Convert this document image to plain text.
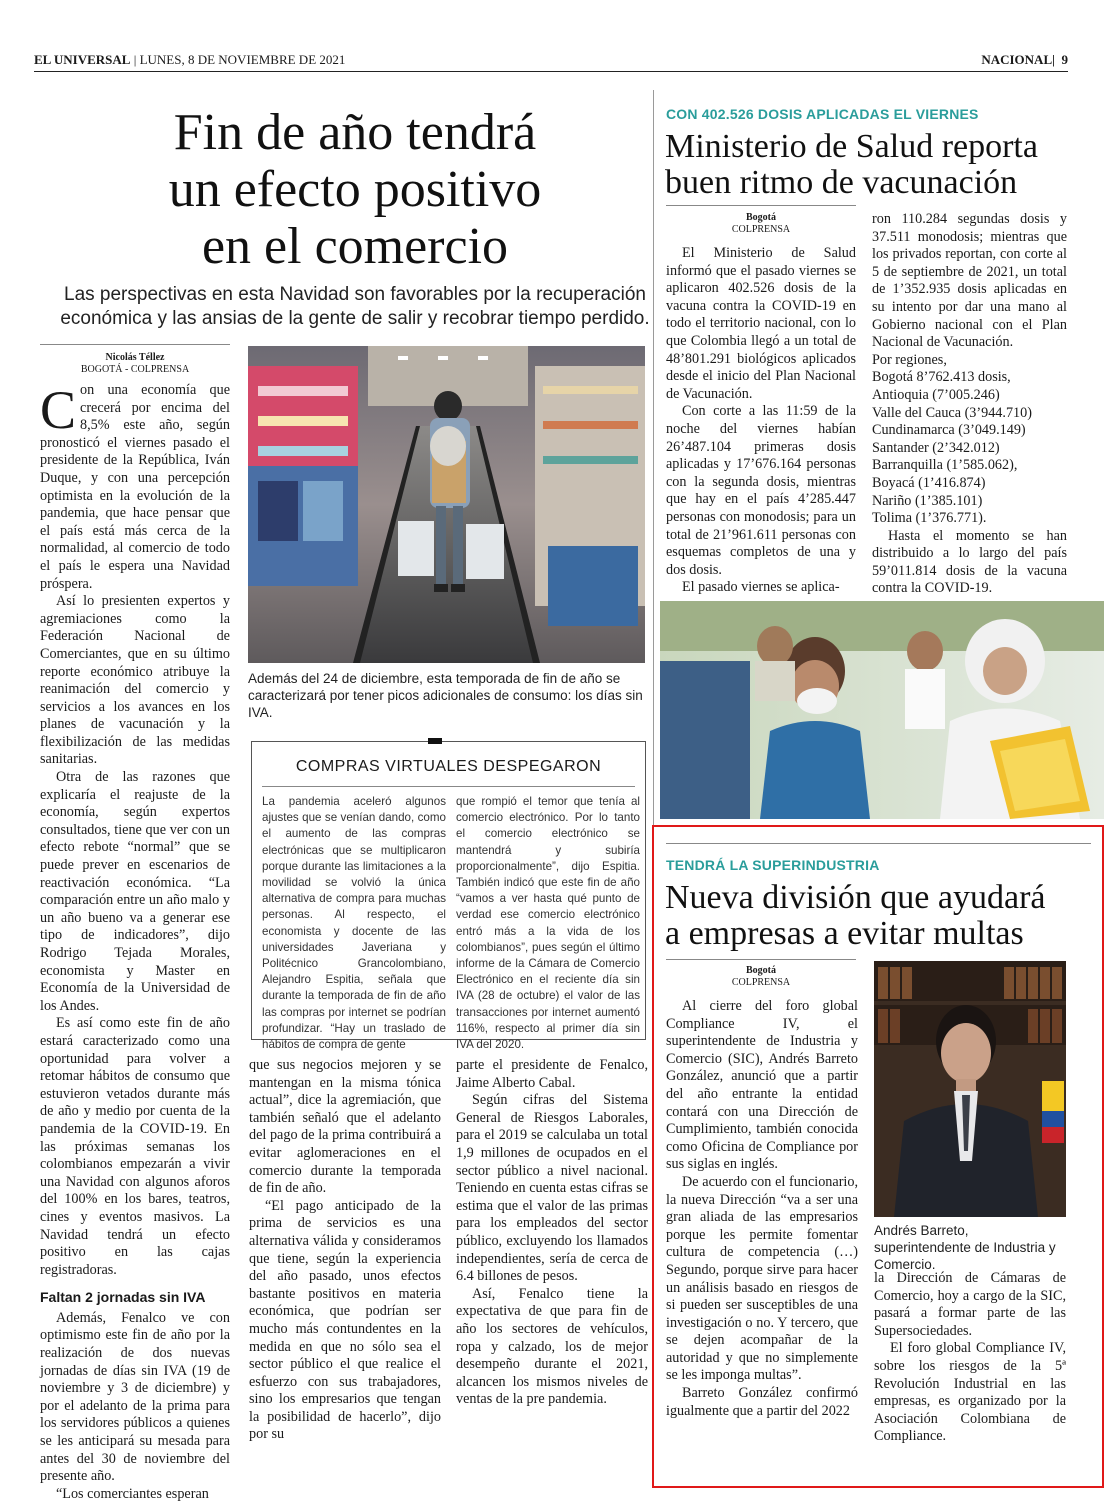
EL UNIVERSAL | LUNES, 8 DE NOVIEMBRE DE 2021	NACIONAL|  9
Fin de año tendrá
un efecto positivo
en el comercio
Las perspectivas en esta Navidad son favorables por la recuperación económica y las ansias de la gente de salir y recobrar tiempo perdido.
Nicolás Téllez
BOGOTÁ - COLPRENSA

Con una economía que crecerá por encima del 8,5% este año, según pronosticó el viernes pasado el presidente de la República, Iván Duque, y con una percepción optimista en la evolución de la pandemia, que hace pensar que el país está más cerca de la normalidad, al comercio de todo el país le espera una Navidad próspera.

Así lo presienten expertos y agremiaciones como la Federación Nacional de Comerciantes, que en su último reporte económico atribuye la reanimación del comercio y servicios a los avances en los planes de vacunación y la flexibilización de las medidas sanitarias.

Otra de las razones que explicaría el reajuste de la economía, según expertos consultados, tiene que ver con un efecto rebote “normal” que se puede prever en escenarios de reactivación económica. “La comparación entre un año malo y un año bueno va a generar ese tipo de indicadores”, dijo Rodrigo Tejada Morales, economista y Master en Economía de la Universidad de los Andes.

Es así como este fin de año estará caracterizado como una oportunidad para volver a retomar hábitos de consumo que estuvieron vetados durante más de año y medio por cuenta de la pandemia de la COVID-19. En las próximas semanas los colombianos empezarán a vivir una Navidad con algunos aforos del 100% en los bares, teatros, cines y eventos masivos. La Navidad tendrá un efecto positivo en las cajas registradoras.

Faltan 2 jornadas sin IVA

Además, Fenalco ve con optimismo este fin de año por la realización de dos nuevas jornadas de días sin IVA (19 de noviembre y 3 de diciembre) y por el adelanto de la prima para los servidores públicos a quienes se les anticipará su mesada para antes del 30 de noviembre del presente año.

“Los comerciantes esperan

Además del 24 de diciembre, esta temporada de fin de año se caracterizará por tener picos adicionales de consumo: los días sin IVA.
COMPRAS VIRTUALES DESPEGARON
La pandemia aceleró algunos ajustes que se venían dando, como el aumento de las compras electrónicas que se multiplicaron porque durante las limitaciones a la movilidad se volvió la única alternativa de compra para muchas personas. Al respecto, el economista y docente de las universidades Javeriana y Politécnico Grancolombiano, Alejandro Espitia, señala que durante la temporada de fin de año las compras por internet se podrían profundizar. “Hay un traslado de hábitos de compra de gente
que rompió el temor que tenía al comercio electrónico. Por lo tanto el comercio electrónico se mantendrá y subiría proporcionalmente”, dijo Espitia. También indicó que este fin de año “vamos a ver hasta qué punto de verdad ese comercio electrónico entró más a la vida de los colombianos”, pues según el último informe de la Cámara de Comercio Electrónico en el reciente día sin IVA (28 de octubre) el valor de las transacciones por internet aumentó 116%, respecto al primer día sin IVA del 2020.

que sus negocios mejoren y se mantengan en la misma tónica actual”, dice la agremiación, que también señaló que el adelanto del pago de la prima contribuirá a evitar aglomeraciones en el comercio durante la temporada de fin de año.

“El pago anticipado de la prima de servicios es una alternativa válida y consideramos que tiene, según la experiencia del año pasado, unos efectos bastante positivos en materia económica, que podrían ser mucho más contundentes en la medida en que no sólo sea el sector público el que realice el esfuerzo con sus trabajadores, sino los empresarios que tengan la posibilidad de hacerlo”, dijo por su

parte el presidente de Fenalco, Jaime Alberto Cabal.

Según cifras del Sistema General de Riesgos Laborales, para el 2019 se calculaba un total 1,9 millones de ocupados en el sector público a nivel nacional. Teniendo en cuenta estas cifras se estima que el valor de las primas para los empleados del sector público, excluyendo los llamados independientes, sería de cerca de 6.4 billones de pesos.

Así, Fenalco tiene la expectativa de que para fin de año los sectores de vehículos, ropa y calzado, los de mejor desempeño durante el 2021, alcancen los mismos niveles de ventas de la pre pandemia.

CON 402.526 DOSIS APLICADAS EL VIERNES
Ministerio de Salud reporta
buen ritmo de vacunación
Bogotá
COLPRENSA

El Ministerio de Salud informó que el pasado viernes se aplicaron 402.526 dosis de la vacuna contra la COVID-19 en todo el territorio nacional, con lo que Colombia llegó a un total de 48’801.291 biológicos aplicados desde el inicio del Plan Nacional de Vacunación.

Con corte a las 11:59 de la noche del viernes habían 26’487.104 primeras dosis aplicadas y 17’676.164 personas con la segunda dosis, mientras que hay en el país 4’285.447 personas con monodosis; para un total de 21’961.611 personas con esquemas completos de una y dos dosis.

El pasado viernes se aplica-

ron 110.284 segundas dosis y 37.511 monodosis; mientras que los privados reportan, con corte al 5 de septiembre de 2021, un total de 1’352.935 dosis aplicadas en su intento por dar una mano al Gobierno nacional con el Plan Nacional de Vacunación.

Por regiones,

Bogotá 8’762.413 dosis,
Antioquia (7’005.246)
Valle del Cauca (3’944.710)
Cundinamarca (3’049.149)
Santander (2’342.012)
Barranquilla (1’585.062),
Boyacá (1’416.874)
Nariño (1’385.101)
Tolima (1’376.771).

Hasta el momento se han distribuido a lo largo del país 59’011.814 dosis de la vacuna contra la COVID-19.

TENDRÁ LA SUPERINDUSTRIA
Nueva división que ayudará
a empresas a evitar multas
Bogotá
COLPRENSA

Al cierre del foro global Compliance IV, el superintendente de Industria y Comercio (SIC), Andrés Barreto González, anunció que a partir del año entrante la entidad contará con una Dirección de Cumplimiento, también conocida como Oficina de Compliance por sus siglas en inglés.

De acuerdo con el funcionario, la nueva Dirección “va a ser una gran aliada de las empresarios porque les permite fomentar cultura de competencia (…) Segundo, porque sirve para hacer un análisis basado en riesgos de si pueden ser susceptibles de una investigación o no. Y tercero, que se dejen acompañar de la autoridad y que no simplemente se les imponga multas”.

Barreto González confirmó igualmente que a partir del 2022

Andrés Barreto, superintendente de Industria y Comercio.

la Dirección de Cámaras de Comercio, hoy a cargo de la SIC, pasará a formar parte de las Supersociedades.

El foro global Compliance IV, sobre los riesgos de la 5ª Revolución Industrial en las empresas, es organizado por la Asociación Colombiana de Compliance.
